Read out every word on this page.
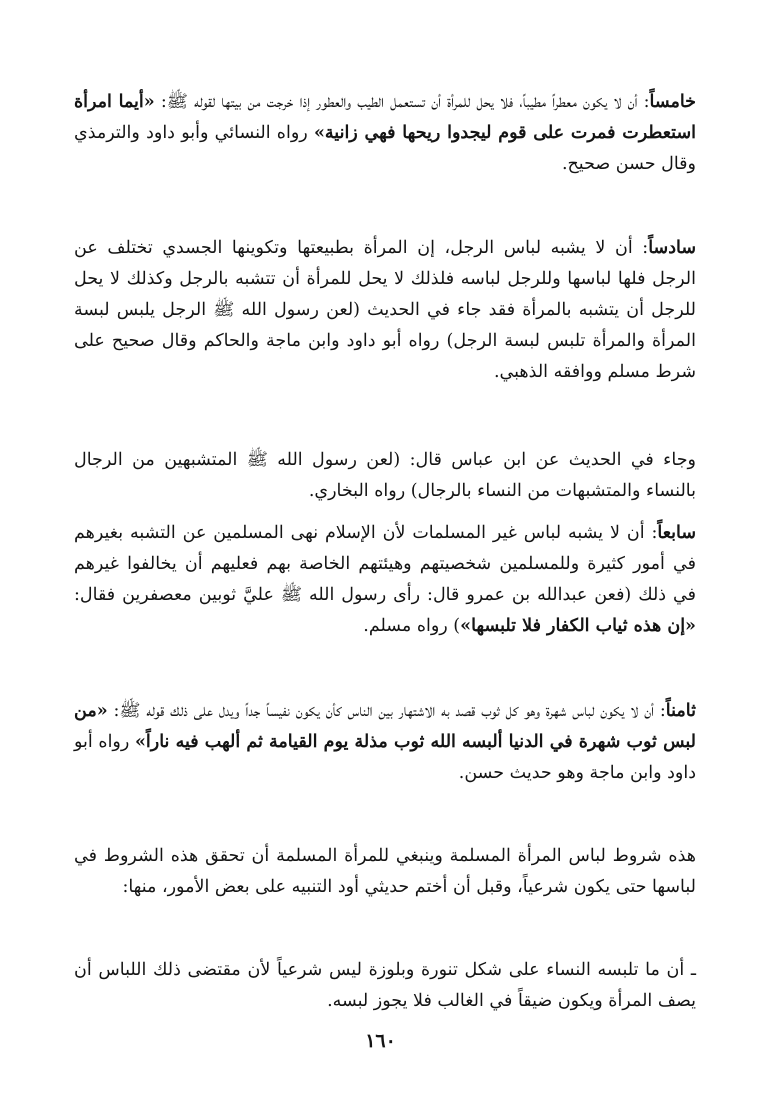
خامساً: أن لا يكون معطراً مطيباً، فلا يحل للمرأة أن تستعمل الطيب والعطور إذا خرجت من بيتها لقوله ﷺ: «أيما امرأة استعطرت فمرت على قوم ليجدوا ريحها فهي زانية» رواه النسائي وأبو داود والترمذي وقال حسن صحيح.
سادساً: أن لا يشبه لباس الرجل، إن المرأة بطبيعتها وتكوينها الجسدي تختلف عن الرجل فلها لباسها وللرجل لباسه فلذلك لا يحل للمرأة أن تتشبه بالرجل وكذلك لا يحل للرجل أن يتشبه بالمرأة فقد جاء في الحديث (لعن رسول الله ﷺ الرجل يلبس لبسة المرأة والمرأة تلبس لبسة الرجل) رواه أبو داود وابن ماجة والحاكم وقال صحيح على شرط مسلم ووافقه الذهبي.
وجاء في الحديث عن ابن عباس قال: (لعن رسول الله ﷺ المتشبهين من الرجال بالنساء والمتشبهات من النساء بالرجال) رواه البخاري.
سابعاً: أن لا يشبه لباس غير المسلمات لأن الإسلام نهى المسلمين عن التشبه بغيرهم في أمور كثيرة وللمسلمين شخصيتهم وهيئتهم الخاصة بهم فعليهم أن يخالفوا غيرهم في ذلك (فعن عبدالله بن عمرو قال: رأى رسول الله ﷺ عليَّ ثوبين معصفرين فقال: «إن هذه ثياب الكفار فلا تلبسها») رواه مسلم.
ثامناً: أن لا يكون لباس شهرة وهو كل ثوب قصد به الاشتهار بين الناس كأن يكون نفيساً جداً ويدل على ذلك قوله ﷺ: «من لبس ثوب شهرة في الدنيا ألبسه الله ثوب مذلة يوم القيامة ثم ألهب فيه ناراً» رواه أبو داود وابن ماجة وهو حديث حسن.
هذه شروط لباس المرأة المسلمة وينبغي للمرأة المسلمة أن تحقق هذه الشروط في لباسها حتى يكون شرعياً، وقبل أن أختم حديثي أود التنبيه على بعض الأمور، منها:
ـ أن ما تلبسه النساء على شكل تنورة وبلوزة ليس شرعياً لأن مقتضى ذلك اللباس أن يصف المرأة ويكون ضيقاً في الغالب فلا يجوز لبسه.
١٦٠
